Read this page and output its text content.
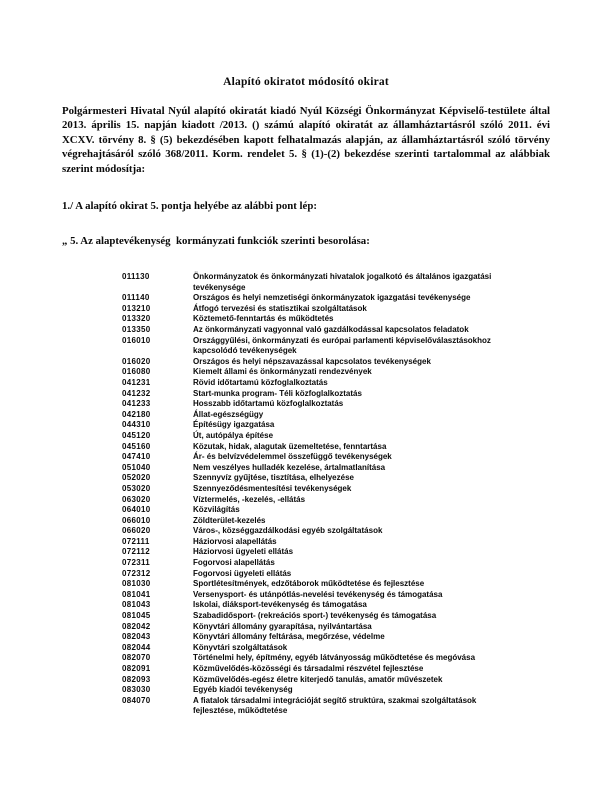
Alapító okiratot módosító okirat

Polgármesteri Hivatal Nyúl alapító okiratát kiadó Nyúl Községi Önkormányzat Képviselő-testülete által 2013. április 15. napján kiadott /2013. () számú alapító okiratát az államháztartásról szóló 2011. évi XCXV. törvény 8. § (5) bekezdésében kapott felhatalmazás alapján, az államháztartásról szóló törvény végrehajtásáról szóló 368/2011. Korm. rendelet 5. § (1)-(2) bekezdése szerinti tartalommal az alábbiak szerint módosítja:

1./ A alapító okirat 5. pontja helyébe az alábbi pont lép:

„ 5. Az alaptevékenység  kormányzati funkciók szerinti besorolása:

011130	Önkormányzatok és önkormányzati hivatalok jogalkotó és általános igazgatási tevékenysége
011140	Országos és helyi nemzetiségi önkormányzatok igazgatási tevékenysége
013210	Átfogó tervezési és statisztikai szolgáltatások
013320	Köztemető-fenntartás és működtetés
013350	Az önkormányzati vagyonnal való gazdálkodással kapcsolatos feladatok
016010	Országgyűlési, önkormányzati és európai parlamenti képviselőválasztásokhoz kapcsolódó tevékenységek
016020	Országos és helyi népszavazással kapcsolatos tevékenységek
016080	Kiemelt állami és önkormányzati rendezvények
041231	Rövid időtartamú közfoglalkoztatás
041232	Start-munka program- Téli közfoglalkoztatás
041233	Hosszabb időtartamú közfoglalkoztatás
042180	Állat-egészségügy
044310	Építésügy igazgatása
045120	Út, autópálya építése
045160	Közutak, hidak, alagutak üzemeltetése, fenntartása
047410	Ár- és belvízvédelemmel összefüggő tevékenységek
051040	Nem veszélyes hulladék kezelése, ártalmatlanítása
052020	Szennyvíz gyűjtése, tisztítása, elhelyezése
053020	Szennyeződésmentesítési tevékenységek
063020	Víztermelés, -kezelés, -ellátás
064010	Közvilágítás
066010	Zöldterület-kezelés
066020	Város-, községgazdálkodási egyéb szolgáltatások
072111	Háziorvosi alapellátás
072112	Háziorvosi ügyeleti ellátás
072311	Fogorvosi alapellátás
072312	Fogorvosi ügyeleti ellátás
081030	Sportlétesítmények, edzőtáborok működtetése és fejlesztése
081041	Versenysport- és utánpótlás-nevelési tevékenység és támogatása
081043	Iskolai, diáksport-tevékenység és támogatása
081045	Szabadidősport- (rekreációs sport-) tevékenység és támogatása
082042	Könyvtári állomány gyarapítása, nyilvántartása
082043	Könyvtári állomány feltárása, megőrzése, védelme
082044	Könyvtári szolgáltatások
082070	Történelmi hely, építmény, egyéb látványosság működtetése és megóvása
082091	Közművelődés-közösségi és társadalmi részvétel fejlesztése
082093	Közművelődés-egész életre kiterjedő tanulás, amatőr művészetek
083030	Egyéb kiadói tevékenység
084070	A fiatalok társadalmi integrációját segítő struktúra, szakmai szolgáltatások fejlesztése, működtetése
